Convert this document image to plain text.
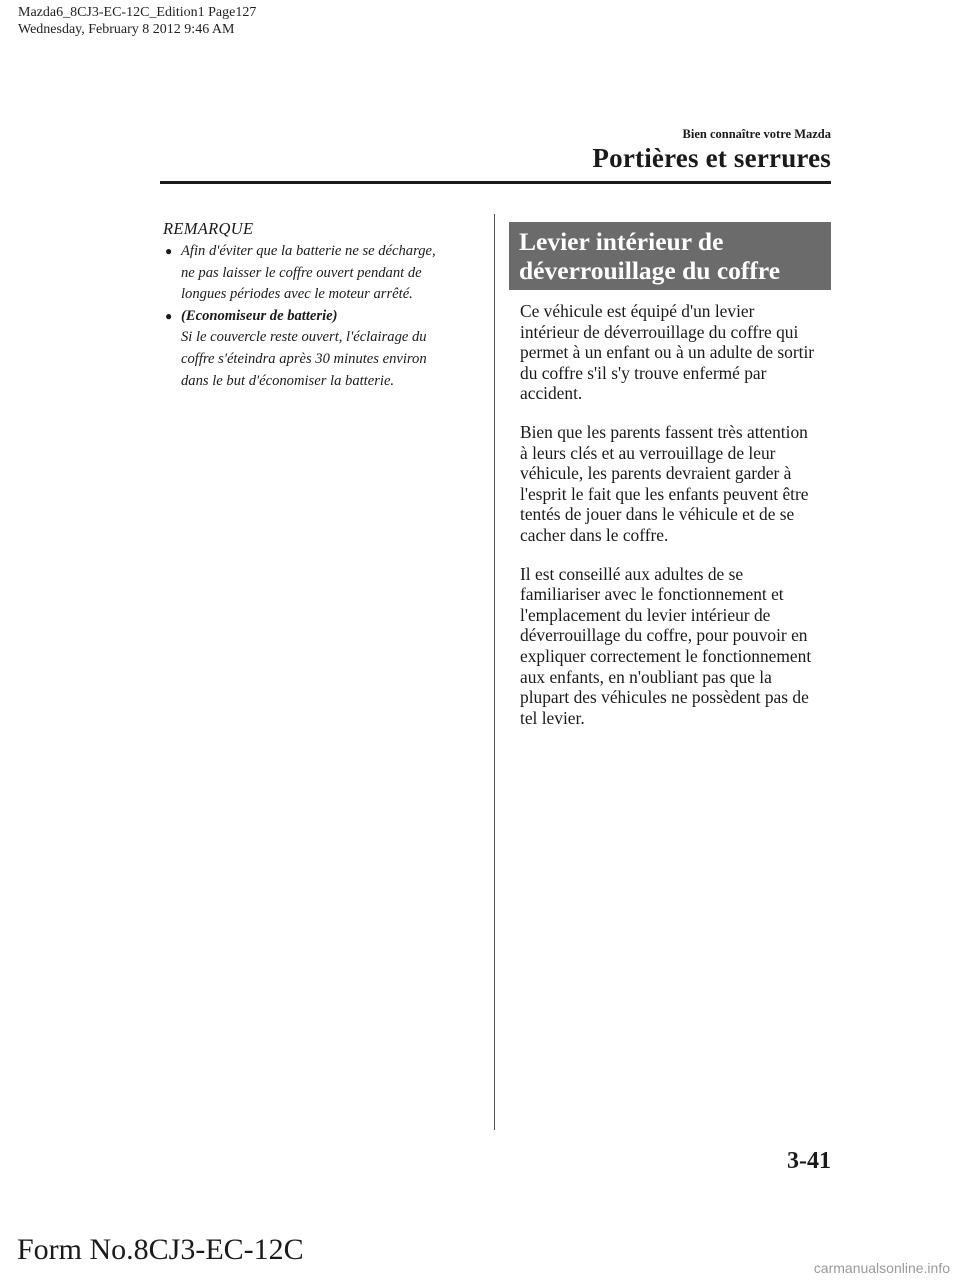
Mazda6_8CJ3-EC-12C_Edition1 Page127
Wednesday, February 8 2012 9:46 AM
Bien connaître votre Mazda
Portières et serrures
REMARQUE
● Afin d'éviter que la batterie ne se décharge,
ne pas laisser le coffre ouvert pendant de
longues périodes avec le moteur arrêté.
● (Economiseur de batterie)
Si le couvercle reste ouvert, l'éclairage du
coffre s'éteindra après 30 minutes environ
dans le but d'économiser la batterie.
Levier intérieur de
déverrouillage du coffre

Ce véhicule est équipé d'un levier
intérieur de déverrouillage du coffre qui
permet à un enfant ou à un adulte de sortir
du coffre s'il s'y trouve enfermé par
accident.

Bien que les parents fassent très attention
à leurs clés et au verrouillage de leur
véhicule, les parents devraient garder à
l'esprit le fait que les enfants peuvent être
tentés de jouer dans le véhicule et de se
cacher dans le coffre.

Il est conseillé aux adultes de se
familiariser avec le fonctionnement et
l'emplacement du levier intérieur de
déverrouillage du coffre, pour pouvoir en
expliquer correctement le fonctionnement
aux enfants, en n'oubliant pas que la
plupart des véhicules ne possèdent pas de
tel levier.

3-41
Form No.8CJ3-EC-12C
carmanualsonline.info
